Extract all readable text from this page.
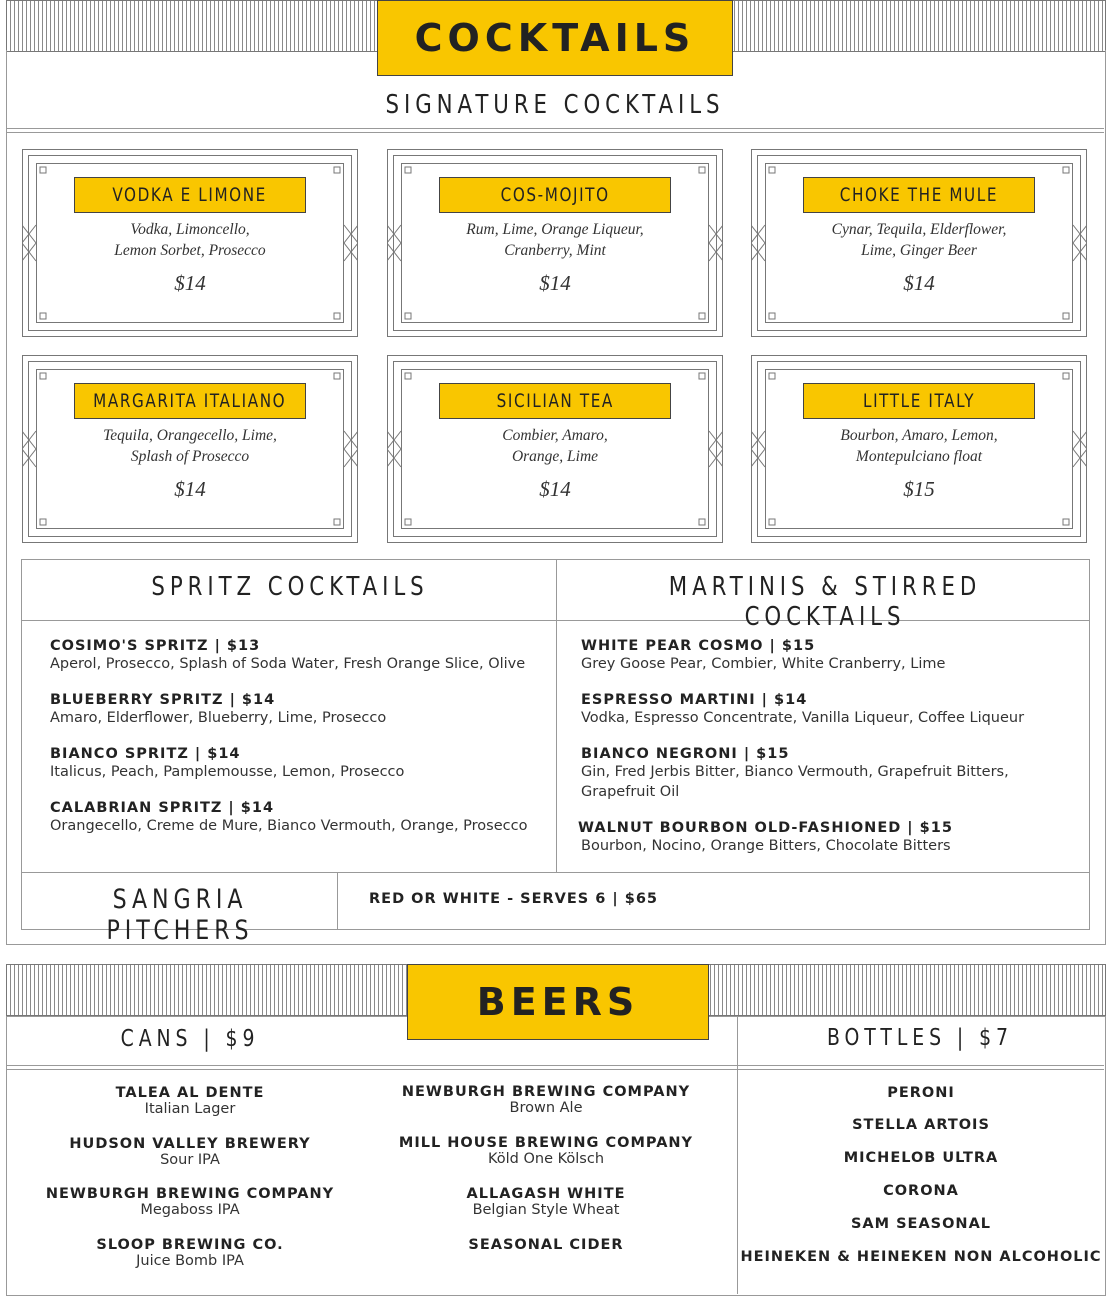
COCKTAILS
SIGNATURE COCKTAILS
VODKA E LIMONE
Vodka, Limoncello,
Lemon Sorbet, Prosecco
$14
COS-MOJITO
Rum, Lime, Orange Liqueur,
Cranberry, Mint
$14
CHOKE THE MULE
Cynar, Tequila, Elderflower,
Lime, Ginger Beer
$14
MARGARITA ITALIANO
Tequila, Orangecello, Lime,
Splash of Prosecco
$14
SICILIAN TEA
Combier, Amaro,
Orange, Lime
$14
LITTLE ITALY
Bourbon, Amaro, Lemon,
Montepulciano float
$15
SPRITZ COCKTAILS	MARTINIS & STIRRED COCKTAILS
COSIMO'S SPRITZ | $13
Aperol, Prosecco, Splash of Soda Water, Fresh Orange Slice, Olive
BLUEBERRY SPRITZ | $14
Amaro, Elderflower, Blueberry, Lime, Prosecco
BIANCO SPRITZ | $14
Italicus, Peach, Pamplemousse, Lemon, Prosecco
CALABRIAN SPRITZ | $14
Orangecello, Creme de Mure, Bianco Vermouth, Orange, Prosecco
WHITE PEAR COSMO | $15
Grey Goose Pear, Combier, White Cranberry, Lime
ESPRESSO MARTINI | $14
Vodka, Espresso Concentrate, Vanilla Liqueur, Coffee Liqueur
BIANCO NEGRONI | $15
Gin, Fred Jerbis Bitter, Bianco Vermouth, Grapefruit Bitters,
Grapefruit Oil
WALNUT BOURBON OLD-FASHIONED | $15
Bourbon, Nocino, Orange Bitters, Chocolate Bitters
SANGRIA PITCHERS
RED OR WHITE - SERVES 6 | $65
BEERS
CANS | $9	BOTTLES | $7
TALEA AL DENTE
Italian Lager
HUDSON VALLEY BREWERY
Sour IPA
NEWBURGH BREWING COMPANY
Megaboss IPA
SLOOP BREWING CO.
Juice Bomb IPA
NEWBURGH BREWING COMPANY
Brown Ale
MILL HOUSE BREWING COMPANY
Köld One Kölsch
ALLAGASH WHITE
Belgian Style Wheat
SEASONAL CIDER
PERONI
STELLA ARTOIS
MICHELOB ULTRA
CORONA
SAM SEASONAL
HEINEKEN & HEINEKEN NON ALCOHOLIC
